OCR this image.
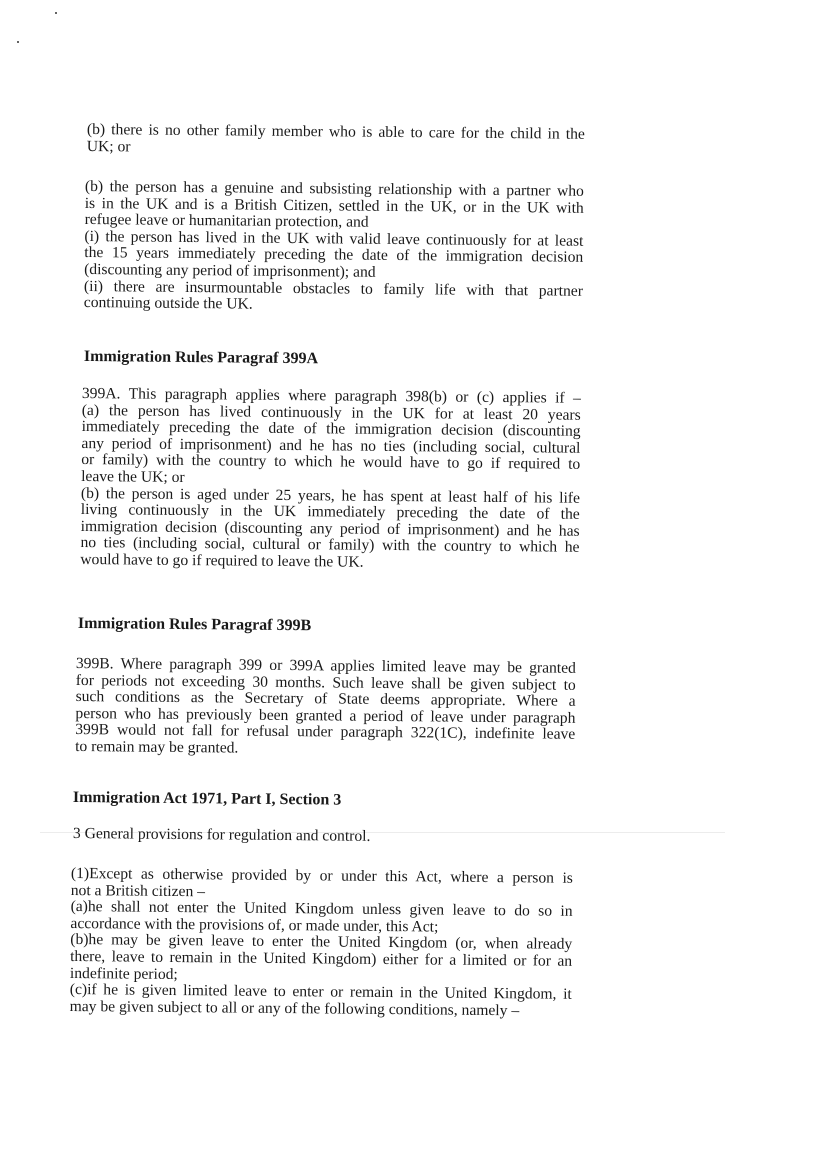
(b) there is no other family member who is able to care for the child in the
UK; or
(b) the person has a genuine and subsisting relationship with a partner who
is in the UK and is a British Citizen, settled in the UK, or in the UK with
refugee leave or humanitarian protection, and
(i) the person has lived in the UK with valid leave continuously for at least
the 15 years immediately preceding the date of the immigration decision
(discounting any period of imprisonment); and
(ii) there are insurmountable obstacles to family life with that partner
continuing outside the UK.
Immigration Rules Paragraf 399A
399A. This paragraph applies where paragraph 398(b) or (c) applies if –
(a) the person has lived continuously in the UK for at least 20 years
immediately preceding the date of the immigration decision (discounting
any period of imprisonment) and he has no ties (including social, cultural
or family) with the country to which he would have to go if required to
leave the UK; or
(b) the person is aged under 25 years, he has spent at least half of his life
living continuously in the UK immediately preceding the date of the
immigration decision (discounting any period of imprisonment) and he has
no ties (including social, cultural or family) with the country to which he
would have to go if required to leave the UK.
Immigration Rules Paragraf 399B
399B. Where paragraph 399 or 399A applies limited leave may be granted
for periods not exceeding 30 months. Such leave shall be given subject to
such conditions as the Secretary of State deems appropriate. Where a
person who has previously been granted a period of leave under paragraph
399B would not fall for refusal under paragraph 322(1C), indefinite leave
to remain may be granted.
Immigration Act 1971, Part I, Section 3
3 General provisions for regulation and control.
(1)Except as otherwise provided by or under this Act, where a person is
not a British citizen –
(a)he shall not enter the United Kingdom unless given leave to do so in
accordance with the provisions of, or made under, this Act;
(b)he may be given leave to enter the United Kingdom (or, when already
there, leave to remain in the United Kingdom) either for a limited or for an
indefinite period;
(c)if he is given limited leave to enter or remain in the United Kingdom, it
may be given subject to all or any of the following conditions, namely –
